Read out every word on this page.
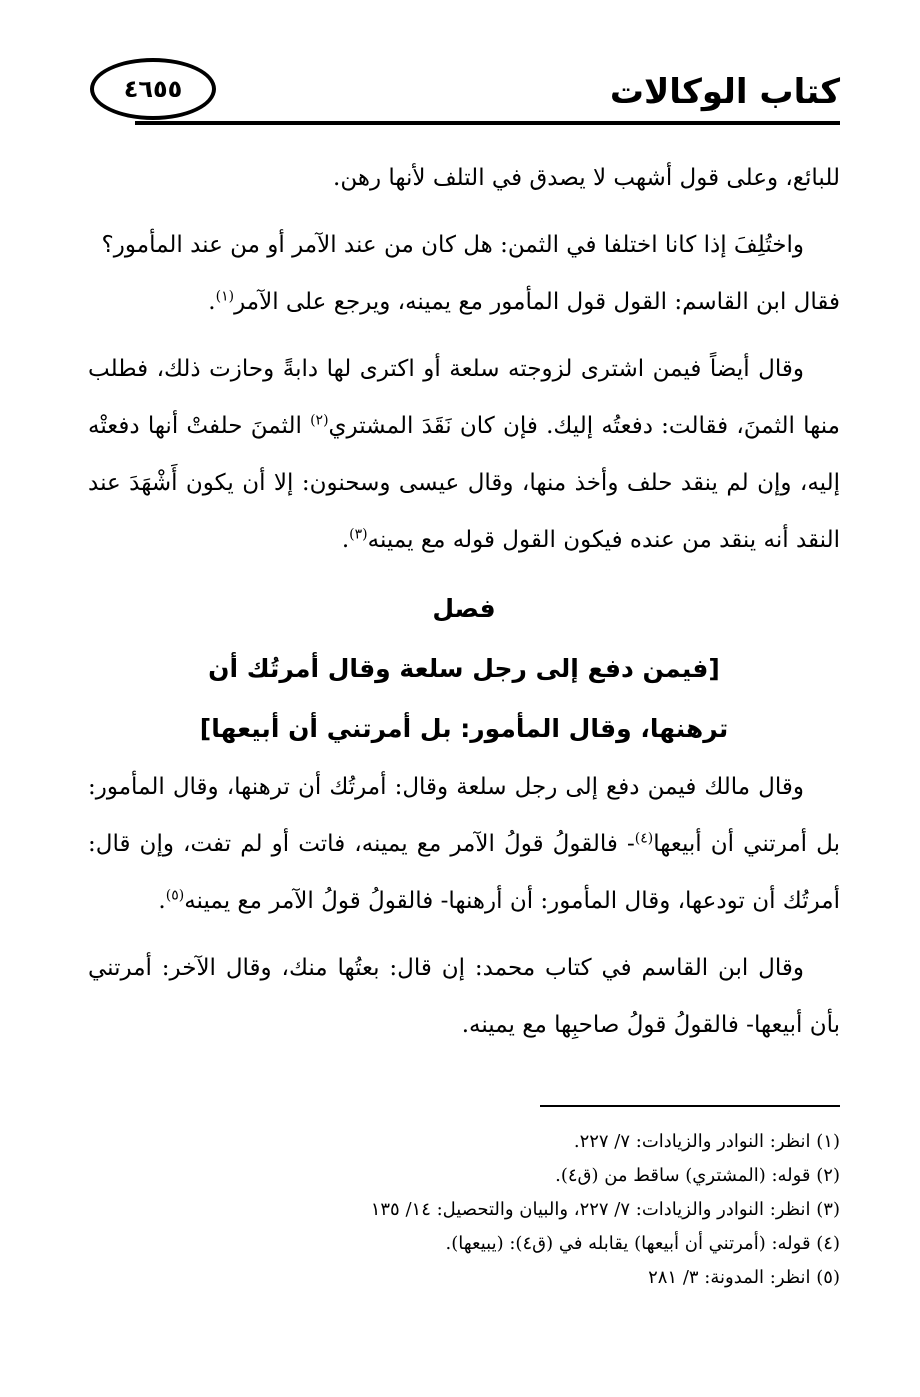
كتاب الوكالات
٤٦٥٥

للبائع، وعلى قول أشهب لا يصدق في التلف لأنها رهن.

واختُلِفَ إذا كانا اختلفا في الثمن: هل كان من عند الآمر أو من عند المأمور؟

فقال ابن القاسم: القول قول المأمور مع يمينه، ويرجع على الآمر$^{(١)}$.

وقال أيضاً فيمن اشترى لزوجته سلعة أو اكترى لها دابةً وحازت ذلك، فطلب منها الثمنَ، فقالت: دفعتُه إليك. فإن كان نَقَدَ المشتري$^{(٢)}$ الثمنَ حلفتْ أنها دفعتْه إليه، وإن لم ينقد حلف وأخذ منها، وقال عيسى وسحنون: إلا أن يكون أَشْهَدَ عند النقد أنه ينقد من عنده فيكون القول قوله مع يمينه$^{(٣)}$.

فصل

[فيمن دفع إلى رجل سلعة وقال أمرتُك أن

ترهنها، وقال المأمور: بل أمرتني أن أبيعها]

وقال مالك فيمن دفع إلى رجل سلعة وقال: أمرتُك أن ترهنها، وقال المأمور: بل أمرتني أن أبيعها$^{(٤)}$- فالقولُ قولُ الآمر مع يمينه، فاتت أو لم تفت، وإن قال: أمرتُك أن تودعها، وقال المأمور: أن أرهنها- فالقولُ قولُ الآمر مع يمينه$^{(٥)}$.

وقال ابن القاسم في كتاب محمد: إن قال: بعتُها منك، وقال الآخر: أمرتني بأن أبيعها- فالقولُ قولُ صاحبِها مع يمينه.

(١) انظر: النوادر والزيادات: ٧/ ٢٢٧.

(٢) قوله: (المشتري) ساقط من (ق٤).

(٣) انظر: النوادر والزيادات: ٧/ ٢٢٧، والبيان والتحصيل: ١٤/ ١٣٥

(٤) قوله: (أمرتني أن أبيعها) يقابله في (ق٤): (يبيعها).

(٥) انظر: المدونة: ٣/ ٢٨١
